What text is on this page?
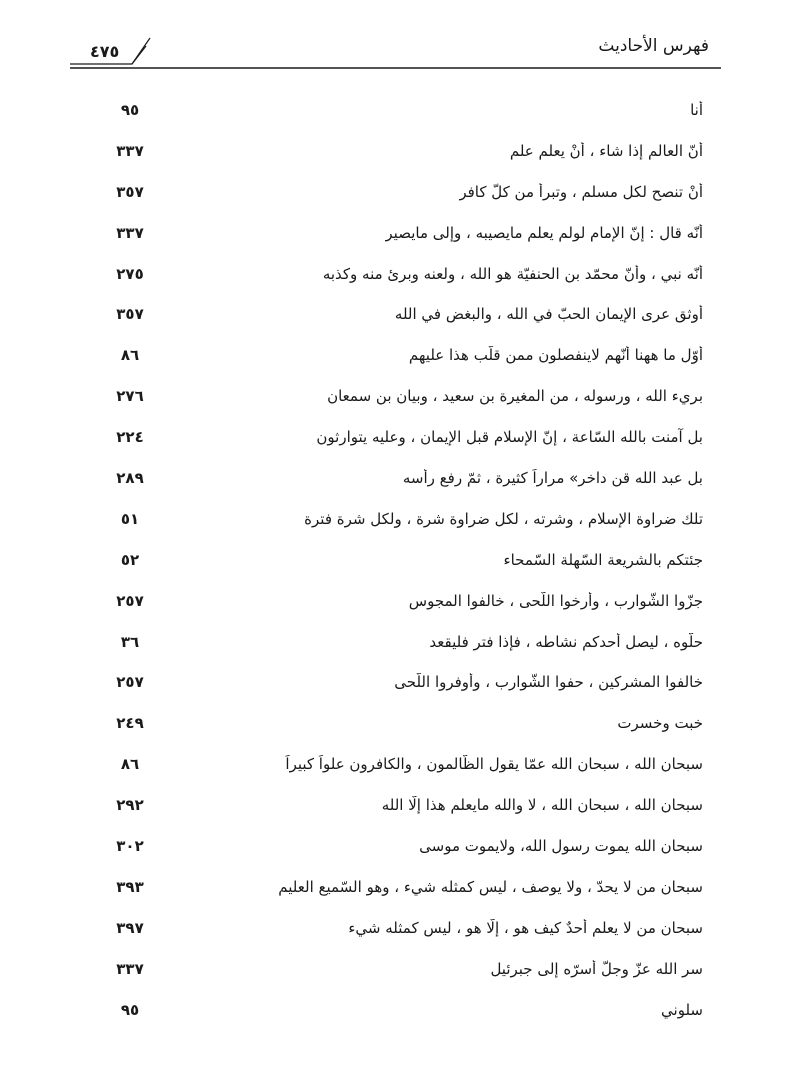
٤٧٥	فهرس الأحاديث
أنا
٩٥
أنّ العالم إذا شاء ، أنْ يعلم علم
٣٣٧
أنْ تنصح لكل مسلم ، وتبرأ من كلّ كافر
٣٥٧
أنّه قال : إنّ الإمام لولم يعلم مايصيبه ، وإلى مايصير
٣٣٧
أنّه نبي ، وأنّ محمّد بن الحنفيّة هو الله ، ولعنه وبرئ منه وكذبه
٢٧٥
أوثق عرى الإيمان الحبّ في الله ، والبغض في الله
٣٥٧
أوّل ما ههنا أنّهم لاينفصلون ممن قلّب هذا عليهم
٨٦
بريء الله ، ورسوله ، من المغيرة بن سعيد ، وبيان بن سمعان
٢٧٦
بل آمنت بالله السّاعة ، إنّ الإسلام قبل الإيمان ، وعليه يتوارثون
٢٢٤
بل عبد الله قن داخر» مراراً كثيرة ، ثمّ رفع رأسه
٢٨٩
تلك ضراوة الإسلام ، وشرته ، لكل ضراوة شرة ، ولكل شرة فترة
٥١
جئتكم بالشريعة السّهلة السّمحاء
٥٢
جزّوا الشّوارب ، وأرخوا اللّحى ، خالفوا المجوس
٢٥٧
حلّوه ، ليصل أحدكم نشاطه ، فإذا فتر فليقعد
٣٦
خالفوا المشركين ، حفوا الشّوارب ، وأوفروا اللّحى
٢٥٧
خبت وخسرت
٢٤٩
سبحان الله ، سبحان الله عمّا يقول الظّالمون ، والكافرون علواً كبيراً
٨٦
سبحان الله ، سبحان الله ، لا والله مايعلم هذا إلّا الله
٢٩٢
سبحان الله يموت رسول الله، ولايموت موسى
٣٠٢
سبحان من لا يحدّ ، ولا يوصف ، ليس كمثله شيء ، وهو السّميع العليم
٣٩٣
سبحان من لا يعلم أحدٌ كيف هو ، إلّا هو ، ليس كمثله شيء
٣٩٧
سر الله عزّ وجلّ أسرّه إلى جبرئيل
٣٣٧
سلوني
٩٥
